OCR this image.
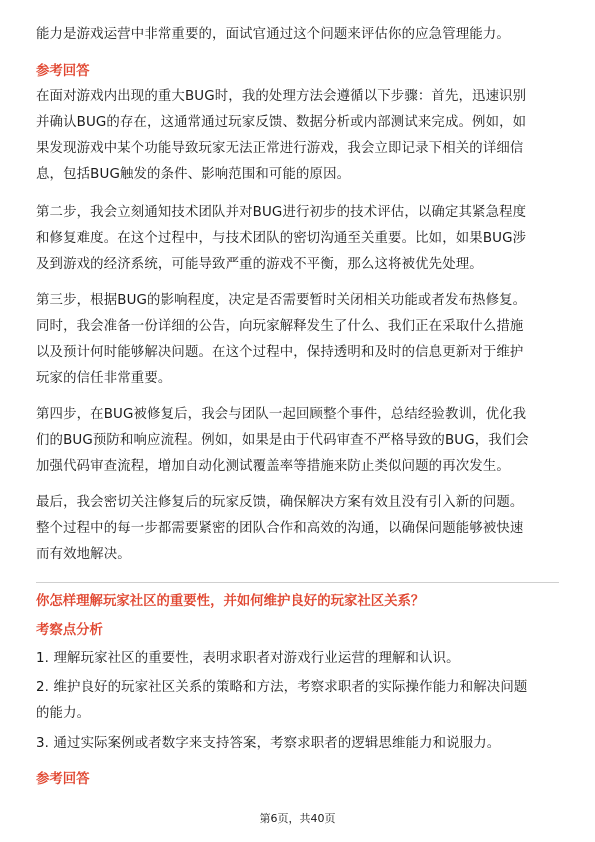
能力是游戏运营中非常重要的，面试官通过这个问题来评估你的应急管理能力。
参考回答
在面对游戏内出现的重大BUG时，我的处理方法会遵循以下步骤：首先，迅速识别
并确认BUG的存在，这通常通过玩家反馈、数据分析或内部测试来完成。例如，如
果发现游戏中某个功能导致玩家无法正常进行游戏，我会立即记录下相关的详细信
息，包括BUG触发的条件、影响范围和可能的原因。
第二步，我会立刻通知技术团队并对BUG进行初步的技术评估，以确定其紧急程度
和修复难度。在这个过程中，与技术团队的密切沟通至关重要。比如，如果BUG涉
及到游戏的经济系统，可能导致严重的游戏不平衡，那么这将被优先处理。
第三步，根据BUG的影响程度，决定是否需要暂时关闭相关功能或者发布热修复。
同时，我会准备一份详细的公告，向玩家解释发生了什么、我们正在采取什么措施
以及预计何时能够解决问题。在这个过程中，保持透明和及时的信息更新对于维护
玩家的信任非常重要。
第四步，在BUG被修复后，我会与团队一起回顾整个事件，总结经验教训，优化我
们的BUG预防和响应流程。例如，如果是由于代码审查不严格导致的BUG，我们会
加强代码审查流程，增加自动化测试覆盖率等措施来防止类似问题的再次发生。
最后，我会密切关注修复后的玩家反馈，确保解决方案有效且没有引入新的问题。
整个过程中的每一步都需要紧密的团队合作和高效的沟通，以确保问题能够被快速
而有效地解决。
你怎样理解玩家社区的重要性，并如何维护良好的玩家社区关系？
考察点分析
1. 理解玩家社区的重要性，表明求职者对游戏行业运营的理解和认识。
2. 维护良好的玩家社区关系的策略和方法，考察求职者的实际操作能力和解决问题
的能力。
3. 通过实际案例或者数字来支持答案，考察求职者的逻辑思维能力和说服力。
参考回答
第6页，共40页
